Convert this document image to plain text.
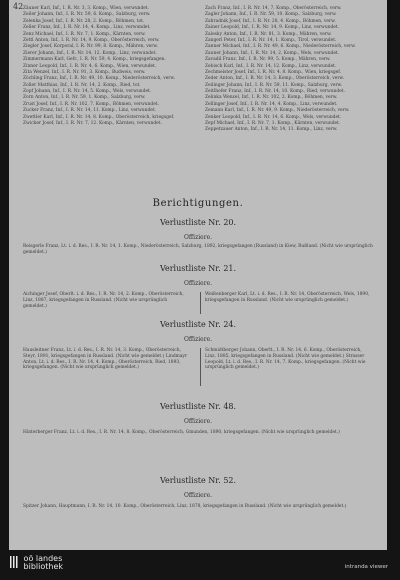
42 Zäuner Karl, Inf., I. R. Nr. 3, 3. Komp., Wien, verwundet.
Zeiler Johann, Inf., I. R. Nr. 59, 6. Komp., Salzburg, verw.
Zelenka Josef, Inf., I. R. Nr. 28, 2. Komp., Böhmen, tot.
Zeller Franz, Inf., I. R. Nr. 14, 4. Komp., Linz, verwundet.
Zenz Michael, Inf., I. R. Nr. 7, 1. Komp., Kärnten, verw.
Zettl Anton, Inf., I. R. Nr. 14, 9. Komp., Oberösterreich, verw.
Ziegler Josef, Korporal, I. R. Nr. 99, 8. Komp., Mähren, verw.
Zierer Johann, Inf., I. R. Nr. 14, 12. Komp., Linz, verwundet.
Zimmermann Karl, Gefr., I. R. Nr. 59, 4. Komp., kriegsgefangen.
Zinner Leopold, Inf., I. R. Nr. 4, 6. Komp., Wien, verwundet.
Zita Wenzel, Inf., I. R. Nr. 91, 3. Komp., Budweis, verw.
Zöchling Franz, Inf., I. R. Nr. 49, 10. Komp., Niederösterreich, verw.
Zoller Matthias, Inf., I. R. Nr. 14, 2. Komp., Ried, tot.
Zopf Johann, Inf., I. R. Nr. 14, 5. Komp., Wels, verwundet.
Zorn Anton, Inf., I. R. Nr. 59, 1. Komp., Salzburg, verw.
Zrust Josef, Inf., I. R. Nr. 102, 7. Komp., Böhmen, verwundet.
Zucker Franz, Inf., I. R. Nr. 14, 11. Komp., Linz, verwundet.
Zwettler Karl, Inf., I. R. Nr. 14, 8. Komp., Oberösterreich, kriegsgef.
Zwicker Josef, Inf., I. R. Nr. 7, 12. Komp., Kärnten, verwundet.
Zach Franz, Inf., I. R. Nr. 14, 7. Komp., Oberösterreich, verw.
Zagler Johann, Inf., I. R. Nr. 59, 10. Komp., Salzburg, verw.
Zahradnik Josef, Inf., I. R. Nr. 28, 4. Komp., Böhmen, verw.
Zainer Leopold, Inf., I. R. Nr. 14, 9. Komp., Linz, verwundet.
Zalesky Anton, Inf., I. R. Nr. 81, 3. Komp., Mähren, verw.
Zangerl Peter, Inf., I. R. Nr. 14, 1. Komp., Tirol, verwundet.
Zanner Michael, Inf., I. R. Nr. 49, 6. Komp., Niederösterreich, verw.
Zauner Johann, Inf., I. R. Nr. 14, 2. Komp., Wels, verwundet.
Zavadil Franz, Inf., I. R. Nr. 99, 5. Komp., Mähren, verw.
Zebisch Karl, Inf., I. R. Nr. 14, 12. Komp., Linz, verwundet.
Zechmeister Josef, Inf., I. R. Nr. 4, 8. Komp., Wien, kriegsgef.
Zeder Anton, Inf., I. R. Nr. 14, 3. Komp., Oberösterreich, verw.
Zeilinger Johann, Inf., I. R. Nr. 59, 11. Komp., Salzburg, verw.
Zeitlhofer Franz, Inf., I. R. Nr. 14, 10. Komp., Ried, verwundet.
Zelinka Wenzel, Inf., I. R. Nr. 102, 2. Komp., Böhmen, verw.
Zellinger Josef, Inf., I. R. Nr. 14, 4. Komp., Linz, verwundet.
Zemann Karl, Inf., I. R. Nr. 49, 9. Komp., Niederösterreich, verw.
Zenker Leopold, Inf., I. R. Nr. 14, 6. Komp., Wels, verwundet.
Zepf Michael, Inf., I. R. Nr. 7, 1. Komp., Kärnten, verwundet.
Zeppetzauer Anton, Inf., I. R. Nr. 14, 11. Komp., Linz, verw.
Berichtigungen.
Verlustliste Nr. 20.
Offiziere.
Reisgerle Franz, Lt. i. d. Res., I. R. Nr. 14, 1. Komp., Niederösterreich, Salzburg, 1892, kriegsgefangen (Russland) in Kiew, Rußland. (Nicht wie ursprünglich gemeldet.)
Verlustliste Nr. 21.
Offiziere.
Aichinger Josef, Oberlt. i. d. Res., I. R. Nr. 14, 2. Komp., Oberösterreich, Linz, 1887, kriegsgefangen in Russland. (Nicht wie ursprünglich gemeldet.)
Weißenberger Karl, Lt. i. d. Res., I. R. Nr. 14, Oberösterreich, Wels, 1890, kriegsgefangen in Russland. (Nicht wie ursprünglich gemeldet.)
Verlustliste Nr. 24.
Offiziere.
Hausleitner Franz, Lt. i. d. Res., I. R. Nr. 14, 3. Komp., Oberösterreich, Steyr, 1891, kriegsgefangen in Russland. (Nicht wie gemeldet.) Lindmayr Anton, Lt. i. d. Res., I. R. Nr. 14, 4. Komp., Oberösterreich, Ried, 1893, kriegsgefangen. (Nicht wie ursprünglich gemeldet.)
Schmidtberger Johann, Oberlt., I. R. Nr. 14, 6. Komp., Oberösterreich, Linz, 1885, kriegsgefangen in Russland. (Nicht wie gemeldet.) Strasser Leopold, Lt. i. d. Res., I. R. Nr. 14, 7. Komp., kriegsgefangen. (Nicht wie ursprünglich gemeldet.)
Verlustliste Nr. 48.
Offiziere.
Hinterberger Franz, Lt. i. d. Res., I. R. Nr. 14, 8. Komp., Oberösterreich, Gmunden, 1890, kriegsgefangen. (Nicht wie ursprünglich gemeldet.)
Verlustliste Nr. 52.
Offiziere.
Spitzer Johann, Hauptmann, I. R. Nr. 14, 10. Komp., Oberösterreich, Linz, 1878, kriegsgefangen in Russland. (Nicht wie ursprünglich gemeldet.)

oö landes
bibliothek	intranda viewer
